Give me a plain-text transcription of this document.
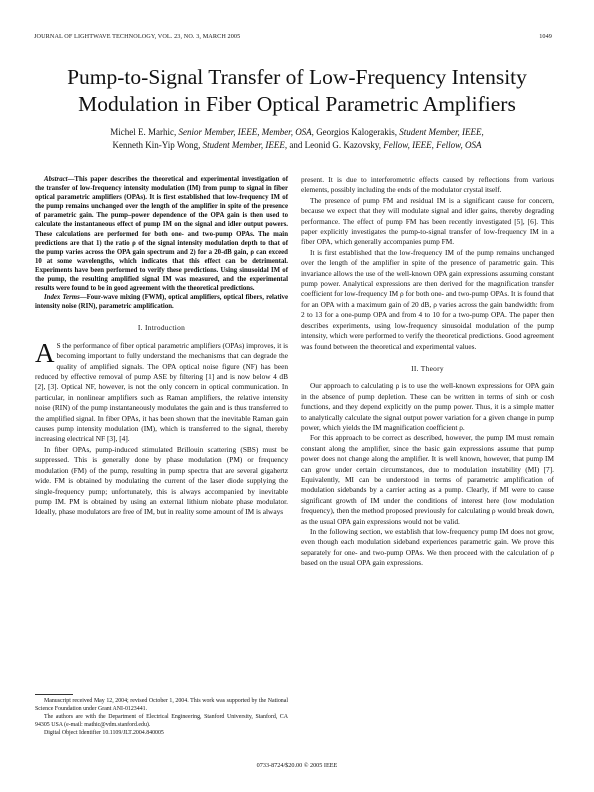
JOURNAL OF LIGHTWAVE TECHNOLOGY, VOL. 23, NO. 3, MARCH 2005	1049
Pump-to-Signal Transfer of Low-Frequency Intensity
Modulation in Fiber Optical Parametric Amplifiers
Michel E. Marhic, Senior Member, IEEE, Member, OSA, Georgios Kalogerakis, Student Member, IEEE,
Kenneth Kin-Yip Wong, Student Member, IEEE, and Leonid G. Kazovsky, Fellow, IEEE, Fellow, OSA

Abstract—This paper describes the theoretical and experimental investigation of the transfer of low-frequency intensity modulation (IM) from pump to signal in fiber optical parametric amplifiers (OPAs). It is first established that low-frequency IM of the pump remains unchanged over the length of the amplifier in spite of the presence of parametric gain. The pump–power dependence of the OPA gain is then used to calculate the instantaneous effect of pump IM on the signal and idler output powers. These calculations are performed for both one- and two-pump OPAs. The main predictions are that 1) the ratio ρ of the signal intensity modulation depth to that of the pump varies across the OPA gain spectrum and 2) for a 20-dB gain, ρ can exceed 10 at some wavelengths, which indicates that this effect can be detrimental. Experiments have been performed to verify these predictions. Using sinusoidal IM of the pump, the resulting amplified signal IM was measured, and the experimental results were found to be in good agreement with the theoretical predictions.

Index Terms—Four-wave mixing (FWM), optical amplifiers, optical fibers, relative intensity noise (RIN), parametric amplification.

I. Introduction

A S the performance of fiber optical parametric amplifiers (OPAs) improves, it is becoming important to fully understand the mechanisms that can degrade the quality of amplified signals. The OPA optical noise figure (NF) has been reduced by effective removal of pump ASE by filtering [1] and is now below 4 dB [2], [3]. Optical NF, however, is not the only concern in optical communication. In particular, in nonlinear amplifiers such as Raman amplifiers, the relative intensity noise (RIN) of the pump instantaneously modulates the gain and is thus transferred to the amplified signal. In fiber OPAs, it has been shown that the inevitable Raman gain causes pump intensity modulation (IM), which is transferred to the signal, thereby increasing electrical NF [3], [4].

In fiber OPAs, pump-induced stimulated Brillouin scattering (SBS) must be suppressed. This is generally done by phase modulation (PM) or frequency modulation (FM) of the pump, resulting in pump spectra that are several gigahertz wide. FM is obtained by modulating the current of the laser diode supplying the single-frequency pump; unfortunately, this is always accompanied by inevitable pump IM. PM is obtained by using an external lithium niobate phase modulator. Ideally, phase modulators are free of IM, but in reality some amount of IM is always

Manuscript received May 12, 2004; revised October 1, 2004. This work was supported by the National Science Foundation under Grant ANI-0123441.

The authors are with the Department of Electrical Engineering, Stanford University, Stanford, CA 94305 USA (e-mail: mathic@vdm.stanford.edu).

Digital Object Identifier 10.1109/JLT.2004.840005

present. It is due to interferometric effects caused by reflections from various elements, possibly including the ends of the modulator crystal itself.

The presence of pump FM and residual IM is a significant cause for concern, because we expect that they will modulate signal and idler gains, thereby degrading performance. The effect of pump FM has been recently investigated [5], [6]. This paper explicitly investigates the pump-to-signal transfer of low-frequency IM in a fiber OPA, which generally accompanies pump FM.

It is first established that the low-frequency IM of the pump remains unchanged over the length of the amplifier in spite of the presence of parametric gain. This invariance allows the use of the well-known OPA gain expressions assuming constant pump power. Analytical expressions are then derived for the magnification transfer coefficient for low-frequency IM ρ for both one- and two-pump OPAs. It is found that for an OPA with a maximum gain of 20 dB, ρ varies across the gain bandwidth: from 2 to 13 for a one-pump OPA and from 4 to 10 for a two-pump OPA. The paper then describes experiments, using low-frequency sinusoidal modulation of the pump intensity, which were performed to verify the theoretical predictions. Good agreement was found between the theoretical and experimental values.

II. Theory

Our approach to calculating ρ is to use the well-known expressions for OPA gain in the absence of pump depletion. These can be written in terms of sinh or cosh functions, and they depend explicitly on the pump power. Thus, it is a simple matter to analytically calculate the signal output power variation for a given change in pump power, which yields the IM magnification coefficient ρ.

For this approach to be correct as described, however, the pump IM must remain constant along the amplifier, since the basic gain expressions assume that pump power does not change along the amplifier. It is well known, however, that pump IM can grow under certain circumstances, due to modulation instability (MI) [7]. Equivalently, MI can be understood in terms of parametric amplification of modulation sidebands by a carrier acting as a pump. Clearly, if MI were to cause significant growth of IM under the conditions of interest here (low modulation frequency), then the method proposed previously for calculating ρ would break down, as the usual OPA gain expressions would not be valid.

In the following section, we establish that low-frequency pump IM does not grow, even though each modulation sideband experiences parametric gain. We prove this separately for one- and two-pump OPAs. We then proceed with the calculation of ρ based on the usual OPA gain expressions.

0733-8724/$20.00 © 2005 IEEE
